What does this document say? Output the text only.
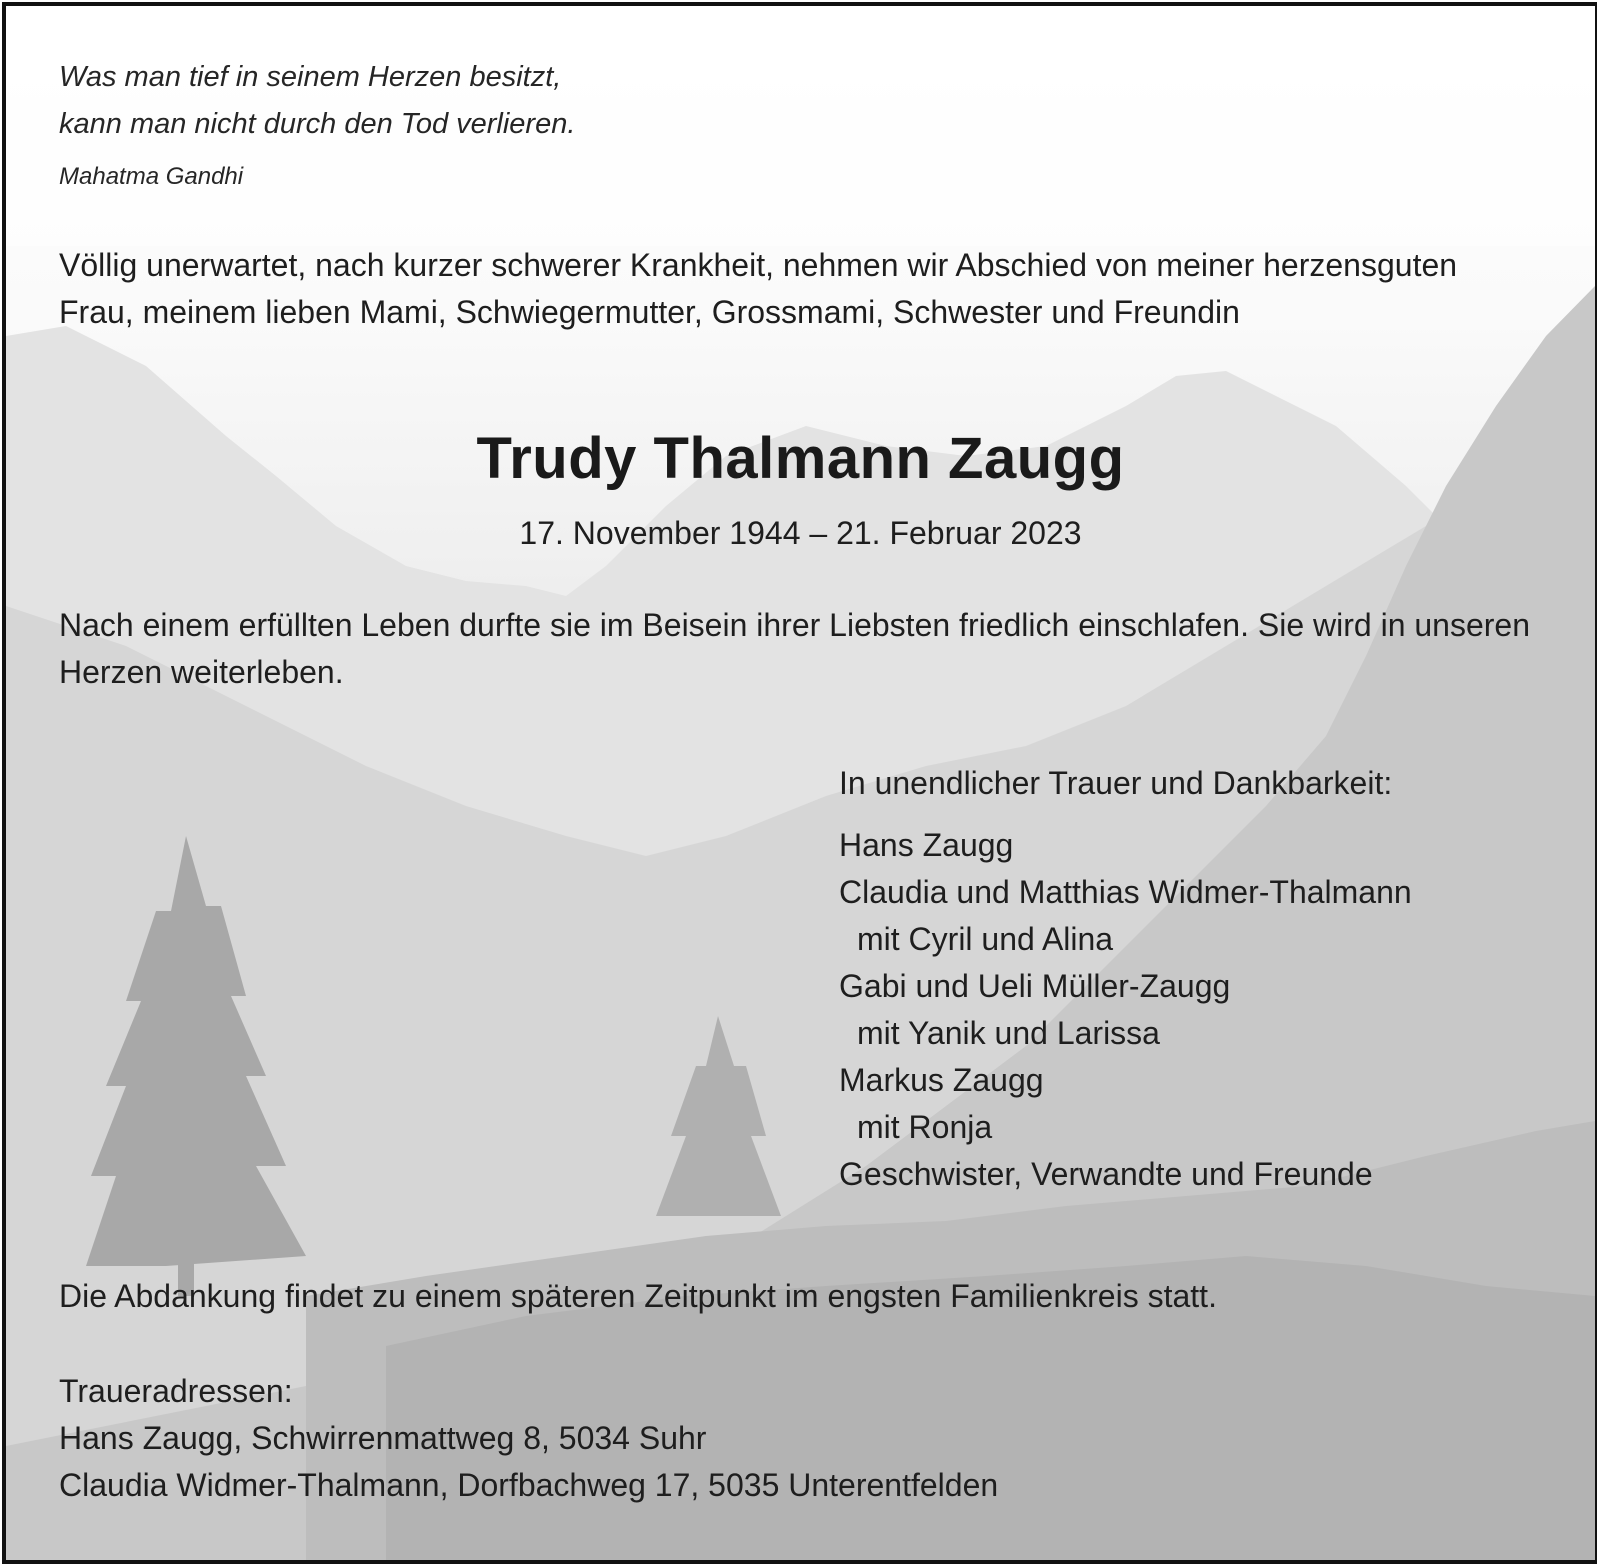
Was man tief in seinem Herzen besitzt,
kann man nicht durch den Tod verlieren.

Mahatma Gandhi

Völlig unerwartet, nach kurzer schwerer Krankheit, nehmen wir Abschied von meiner herzensguten Frau, meinem lieben Mami, Schwiegermutter, Grossmami, Schwester und Freundin

Trudy Thalmann Zaugg

17. November 1944 – 21. Februar 2023

Nach einem erfüllten Leben durfte sie im Beisein ihrer Liebsten friedlich einschlafen. Sie wird in unseren Herzen weiterleben.

In unendlicher Trauer und Dankbarkeit:

Hans Zaugg
Claudia und Matthias Widmer-Thalmann
mit Cyril und Alina
Gabi und Ueli Müller-Zaugg
mit Yanik und Larissa
Markus Zaugg
mit Ronja
Geschwister, Verwandte und Freunde

Die Abdankung findet zu einem späteren Zeitpunkt im engsten Familienkreis statt.

Traueradressen:
Hans Zaugg, Schwirrenmattweg 8, 5034 Suhr
Claudia Widmer-Thalmann, Dorfbachweg 17, 5035 Unterentfelden
